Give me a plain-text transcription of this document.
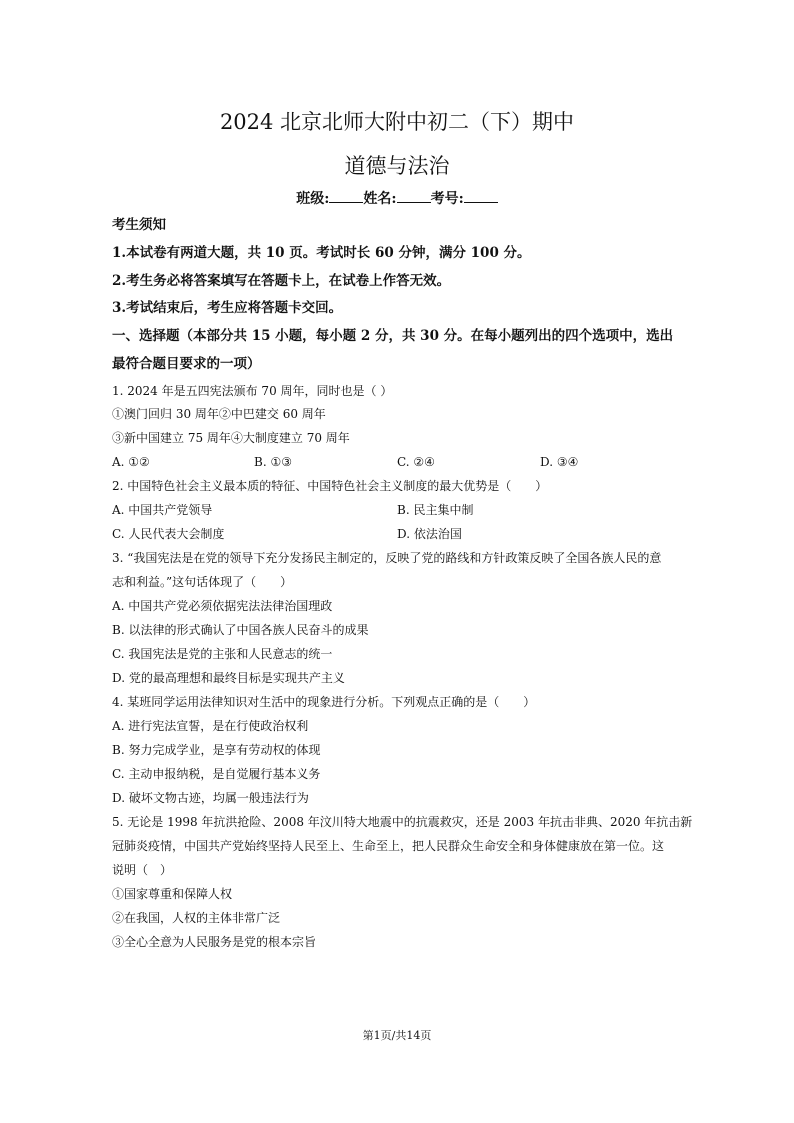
2024 北京北师大附中初二（下）期中
道德与法治
班级: 姓名: 考号:
考生须知
1.本试卷有两道大题，共 10 页。考试时长 60 分钟，满分 100 分。
2.考生务必将答案填写在答题卡上，在试卷上作答无效。
3.考试结束后，考生应将答题卡交回。
一、选择题（本部分共 15 小题，每小题 2 分，共 30 分。在每小题列出的四个选项中，选出
最符合题目要求的一项）
1. 2024 年是五四宪法颁布 70 周年，同时也是（ ）
①澳门回归 30 周年②中巴建交 60 周年
③新中国建立 75 周年④大制度建立 70 周年
A. ①②	B. ①③	C. ②④	D. ③④
2. 中国特色社会主义最本质的特征、中国特色社会主义制度的最大优势是（　　）
A. 中国共产党领导	B. 民主集中制
C. 人民代表大会制度	D. 依法治国
3. “我国宪法是在党的领导下充分发扬民主制定的，反映了党的路线和方针政策反映了全国各族人民的意
志和利益。”这句话体现了（　　）
A. 中国共产党必须依据宪法法律治国理政
B. 以法律的形式确认了中国各族人民奋斗的成果
C. 我国宪法是党的主张和人民意志的统一
D. 党的最高理想和最终目标是实现共产主义
4. 某班同学运用法律知识对生活中的现象进行分析。下列观点正确的是（　　）
A. 进行宪法宣誓，是在行使政治权利
B. 努力完成学业，是享有劳动权的体现
C. 主动申报纳税，是自觉履行基本义务
D. 破坏文物古迹，均属一般违法行为
5. 无论是 1998 年抗洪抢险、2008 年汶川特大地震中的抗震救灾，还是 2003 年抗击非典、2020 年抗击新
冠肺炎疫情，中国共产党始终坚持人民至上、生命至上，把人民群众生命安全和身体健康放在第一位。这
说明（　）
①国家尊重和保障人权
②在我国，人权的主体非常广泛
③全心全意为人民服务是党的根本宗旨
第1页/共14页
